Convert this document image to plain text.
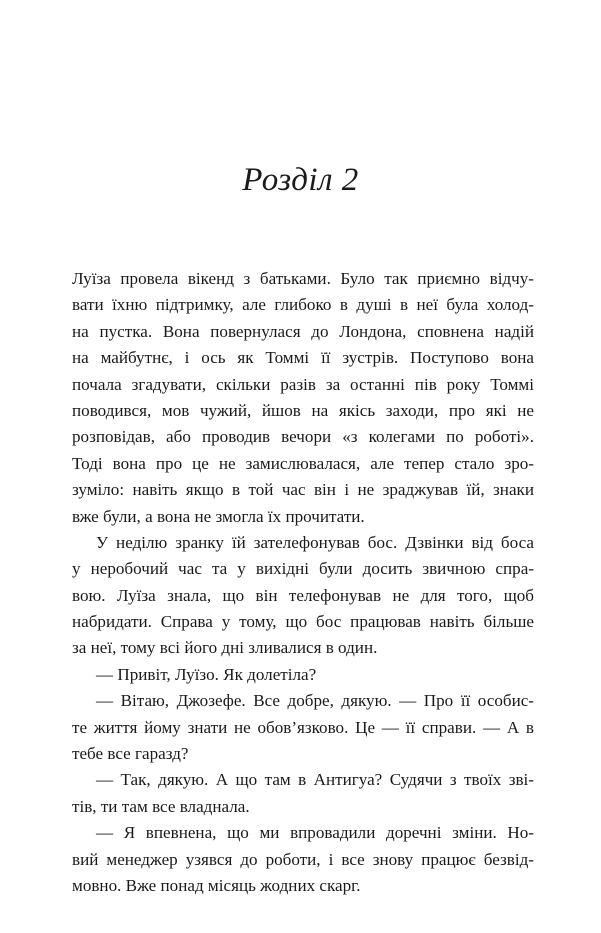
Розділ 2
Луїза провела вікенд з батьками. Було так приємно відчу-
вати їхню підтримку, але глибоко в душі в неї була холод-
на пустка. Вона повернулася до Лондона, сповнена надій
на майбутнє, і ось як Томмі її зустрів. Поступово вона
почала згадувати, скільки разів за останні пів року Томмі
поводився, мов чужий, йшов на якісь заходи, про які не
розповідав, або проводив вечори «з колегами по роботі».
Тоді вона про це не замислювалася, але тепер стало зро-
зуміло: навіть якщо в той час він і не зраджував їй, знаки
вже були, а вона не змогла їх прочитати.
У неділю зранку їй зателефонував бос. Дзвінки від боса
у неробочий час та у вихідні були досить звичною спра-
вою. Луїза знала, що він телефонував не для того, щоб
набридати. Справа у тому, що бос працював навіть більше
за неї, тому всі його дні зливалися в один.
— Привіт, Луїзо. Як долетіла?
— Вітаю, Джозефе. Все добре, дякую. — Про її особис-
те життя йому знати не обов’язково. Це — її справи. — А в
тебе все гаразд?
— Так, дякую. А що там в Антигуа? Судячи з твоїх зві-
тів, ти там все владнала.
— Я впевнена, що ми впровадили доречні зміни. Но-
вий менеджер узявся до роботи, і все знову працює безвід-
мовно. Вже понад місяць жодних скарг.
